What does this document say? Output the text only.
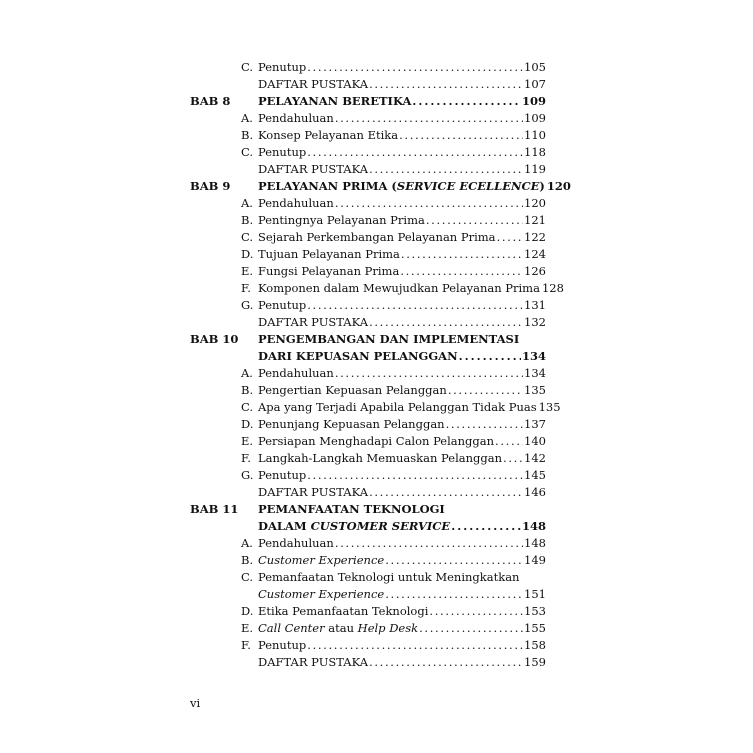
C. Penutup . . .	105
DAFTAR PUSTAKA . . .	107
BAB 8	PELAYANAN BERETIKA . . .	109
A. Pendahuluan . . .	109
B. Konsep Pelayanan Etika . . .	110
C. Penutup . . .	118
DAFTAR PUSTAKA . . .	119
BAB 9	PELAYANAN PRIMA (SERVICE ECELLENCE) 120
A. Pendahuluan . . .	120
B. Pentingnya Pelayanan Prima . . .	121
C. Sejarah Perkembangan Pelayanan Prima . . . 122
D. Tujuan Pelayanan Prima . . .	124
E. Fungsi Pelayanan Prima . . .	126
F. Komponen dalam Mewujudkan Pelayanan Prima 128
G. Penutup . . .	131
DAFTAR PUSTAKA . . .	132
BAB 10 PENGEMBANGAN DAN IMPLEMENTASI
DARI KEPUASAN PELANGGAN . . .	134
A. Pendahuluan . . .	134
B. Pengertian Kepuasan Pelanggan . . .	135
C. Apa yang Terjadi Apabila Pelanggan Tidak Puas 135
D. Penunjang Kepuasan Pelanggan . . .	137
E. Persiapan Menghadapi Calon Pelanggan . . .	140
F. Langkah-Langkah Memuaskan Pelanggan . . . 142
G. Penutup . . .	145
DAFTAR PUSTAKA . . .	146
BAB 11 PEMANFAATAN TEKNOLOGI
DALAM CUSTOMER SERVICE . . .	148
A. Pendahuluan . . .	148
B. Customer Experience . . .	149
C. Pemanfaatan Teknologi untuk Meningkatkan
Customer Experience . . .	151
D. Etika Pemanfaatan Teknologi . . .	153
E. Call Center atau Help Desk . . .	155
F. Penutup . . .	158
DAFTAR PUSTAKA . . .	159
vi
